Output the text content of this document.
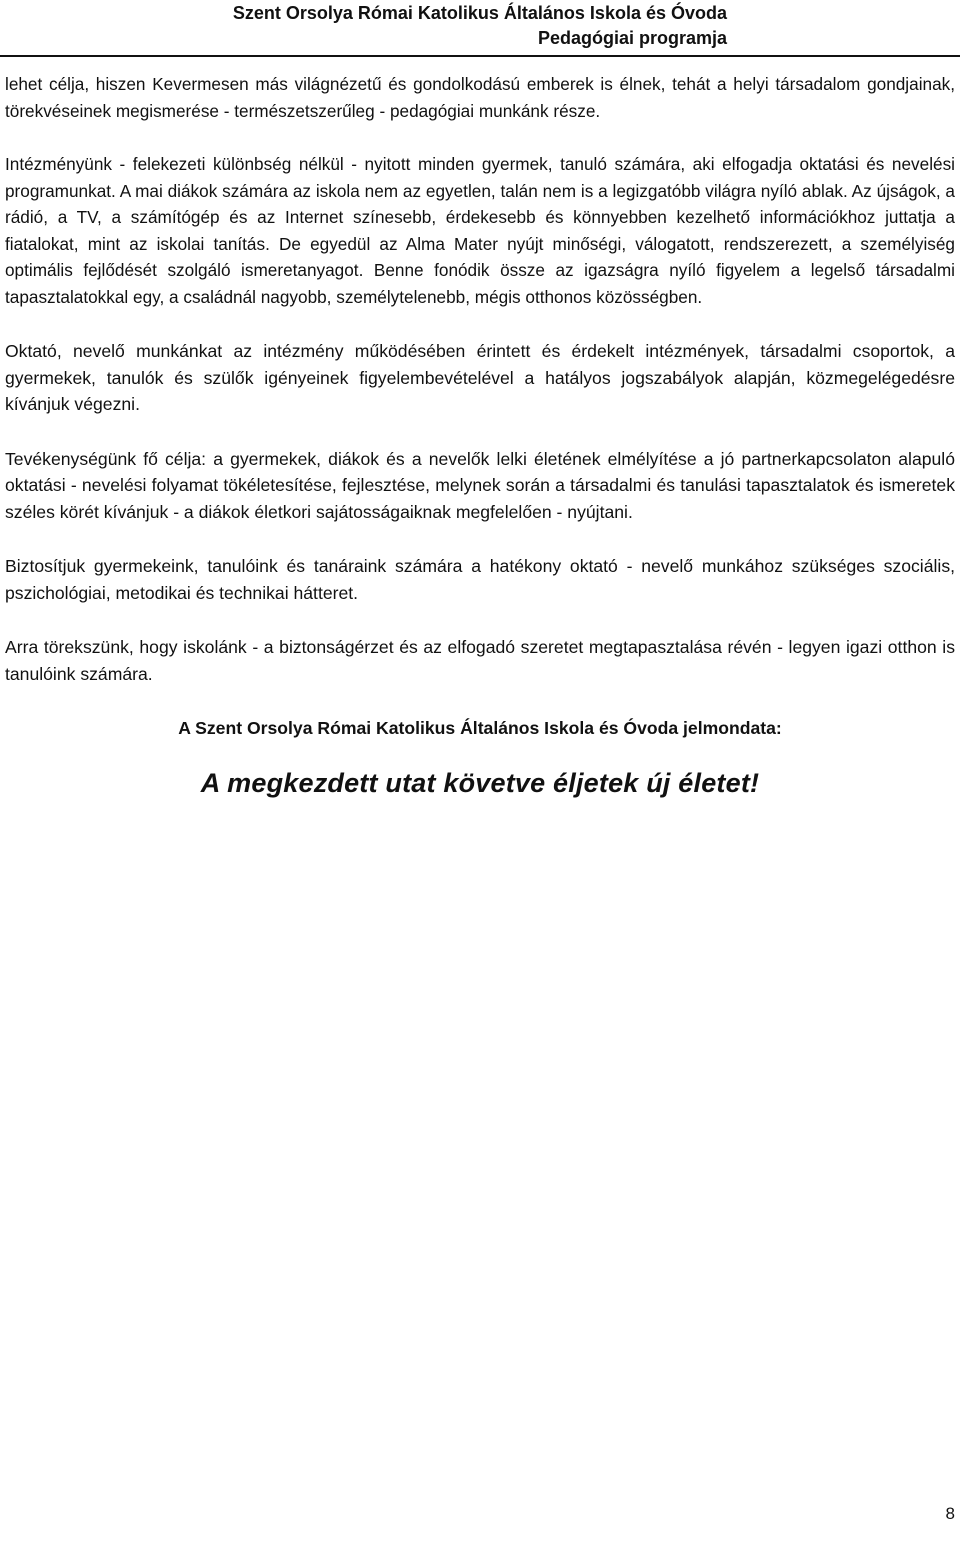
Szent Orsolya Római Katolikus Általános Iskola és Óvoda
Pedagógiai programja

lehet célja, hiszen Kevermesen más világnézetű és gondolkodású emberek is élnek, tehát a helyi társadalom gondjainak, törekvéseinek megismerése - természetszerűleg - pedagógiai munkánk része.

Intézményünk - felekezeti különbség nélkül - nyitott minden gyermek, tanuló számára, aki elfogadja oktatási és nevelési programunkat. A mai diákok számára az iskola nem az egyetlen, talán nem is a legizgatóbb világra nyíló ablak. Az újságok, a rádió, a TV, a számítógép és az Internet színesebb, érdekesebb és könnyebben kezelhető információkhoz juttatja a fiatalokat, mint az iskolai tanítás. De egyedül az Alma Mater nyújt minőségi, válogatott, rendszerezett, a személyiség optimális fejlődését szolgáló ismeretanyagot. Benne fonódik össze az igazságra nyíló figyelem a legelső társadalmi tapasztalatokkal egy, a családnál nagyobb, személytelenebb, mégis otthonos közösségben.

Oktató, nevelő munkánkat az intézmény működésében érintett és érdekelt intézmények, társadalmi csoportok, a gyermekek, tanulók és szülők igényeinek figyelembevételével a hatályos jogszabályok alapján, közmegelégedésre kívánjuk végezni.

Tevékenységünk fő célja: a gyermekek, diákok és a nevelők lelki életének elmélyítése a jó partnerkapcsolaton alapuló oktatási - nevelési folyamat tökéletesítése, fejlesztése, melynek során a társadalmi és tanulási tapasztalatok és ismeretek széles körét kívánjuk - a diákok életkori sajátosságaiknak megfelelően - nyújtani.

Biztosítjuk gyermekeink, tanulóink és tanáraink számára a hatékony oktató - nevelő munkához szükséges szociális, pszichológiai, metodikai és technikai hátteret.

Arra törekszünk, hogy iskolánk - a biztonságérzet és az elfogadó szeretet megtapasztalása révén - legyen igazi otthon is tanulóink számára.

A Szent Orsolya Római Katolikus Általános Iskola és Óvoda jelmondata:

A megkezdett utat követve éljetek új életet!

8
